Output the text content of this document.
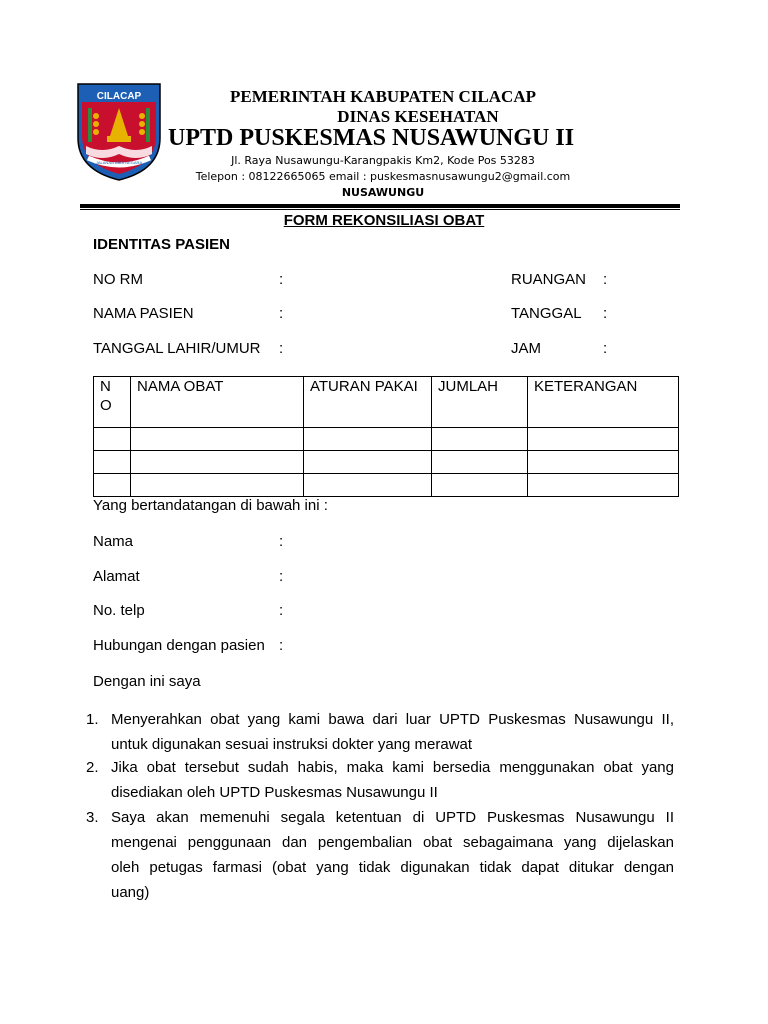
CILACAP
JALANAN ABDI NEGARA
PEMERINTAH KABUPATEN CILACAP
DINAS KESEHATAN
UPTD PUSKESMAS NUSAWUNGU II
Jl. Raya Nusawungu-Karangpakis Km2, Kode Pos 53283
Telepon : 08122665065 email : puskesmasnusawungu2@gmail.com
NUSAWUNGU
FORM REKONSILIASI OBAT
IDENTITAS PASIEN
NO RM	:	RUANGAN :
NAMA PASIEN	:	TANGGAL :
TANGGAL LAHIR/UMUR :	JAM	:
N
O	NAMA OBAT	ATURAN PAKAI	JUMLAH	KETERANGAN

Yang bertandatangan di bawah ini :
Nama	:
Alamat	:
No. telp	:
Hubungan dengan pasien :
Dengan ini saya
1. Menyerahkan obat yang kami bawa dari luar UPTD Puskesmas Nusawungu II,
untuk digunakan sesuai instruksi dokter yang merawat
2. Jika obat tersebut sudah habis, maka kami bersedia menggunakan obat yang
disediakan oleh UPTD Puskesmas Nusawungu II
3. Saya akan memenuhi segala ketentuan di UPTD Puskesmas Nusawungu II
mengenai penggunaan dan pengembalian obat sebagaimana yang dijelaskan
oleh petugas farmasi (obat yang tidak digunakan tidak dapat ditukar dengan
uang)
